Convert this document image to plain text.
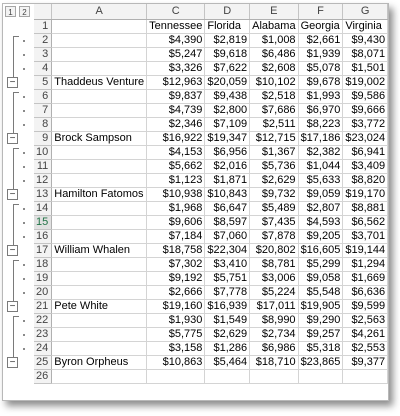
1	2
−
−
−
−
−
−
	A	C	D	E	F	G
1		Tennessee	Florida	Alabama	Georgia	Virginia
2		$4,390	$2,819	$1,008	$2,661	$9,430
3		$5,247	$9,618	$6,486	$1,939	$8,071
4		$3,326	$7,622	$2,608	$5,078	$1,501
5	Thaddeus Venture	$12,963	$20,059	$10,102	$9,678	$19,002
6		$9,837	$9,438	$2,518	$1,993	$9,586
7		$4,739	$2,800	$7,686	$6,970	$9,666
8		$2,346	$7,109	$2,511	$8,223	$3,772
9	Brock Sampson	$16,922	$19,347	$12,715	$17,186	$23,024
10		$4,153	$6,956	$1,367	$2,382	$6,941
11		$5,662	$2,016	$5,736	$1,044	$3,409
12		$1,123	$1,871	$2,629	$5,633	$8,820
13	Hamilton Fatomos	$10,938	$10,843	$9,732	$9,059	$19,170
14		$1,968	$6,647	$5,489	$2,807	$8,881
15		$9,606	$8,597	$7,435	$4,593	$6,562
16		$7,184	$7,060	$7,878	$9,205	$3,701
17	William Whalen	$18,758	$22,304	$20,802	$16,605	$19,144
18		$7,302	$3,410	$8,781	$5,299	$1,294
19		$9,192	$5,751	$3,006	$9,058	$1,669
20		$2,666	$7,778	$5,224	$5,548	$6,636
21	Pete White	$19,160	$16,939	$17,011	$19,905	$9,599
22		$1,930	$1,549	$8,990	$9,290	$2,563
23		$5,775	$2,629	$2,734	$9,257	$4,261
24		$3,158	$1,286	$6,986	$5,318	$2,553
25	Byron Orpheus	$10,863	$5,464	$18,710	$23,865	$9,377
26						
